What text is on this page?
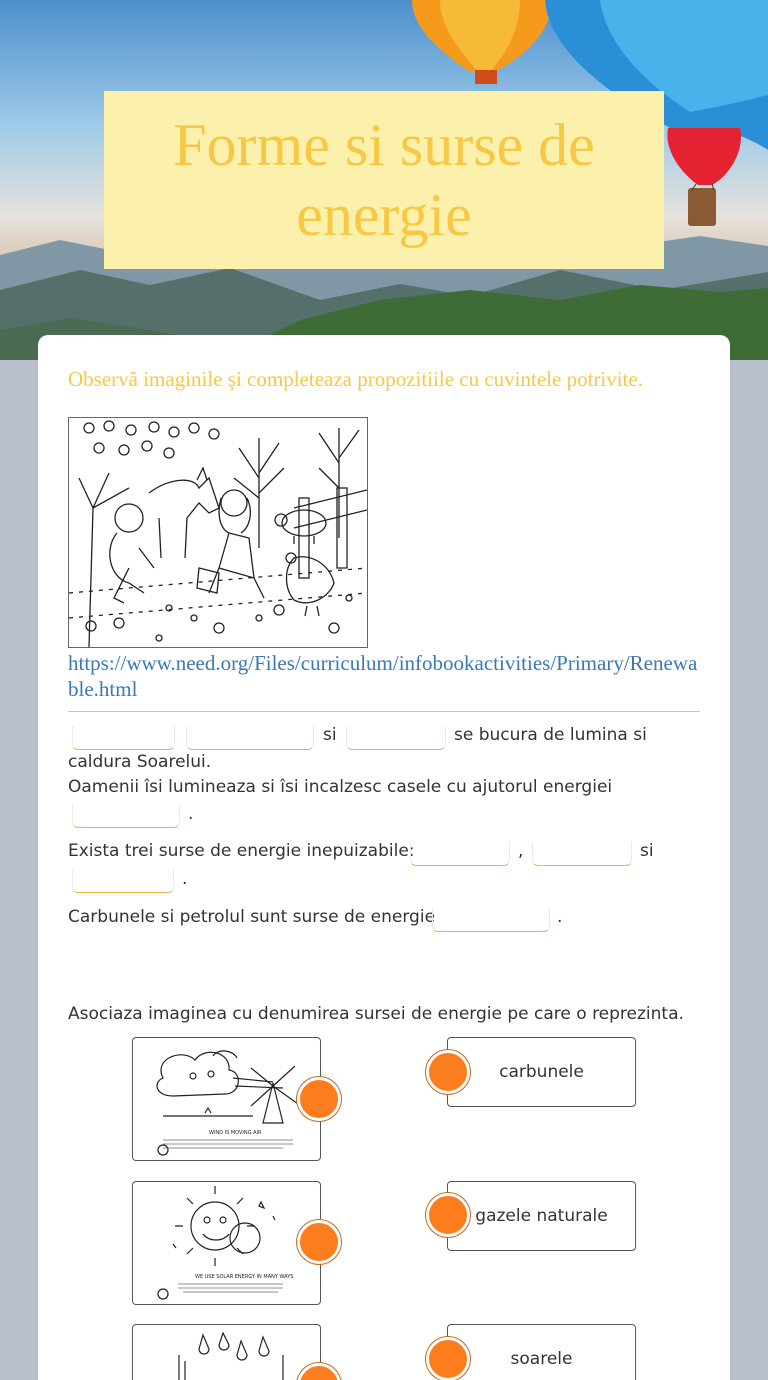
Forme si surse de energie
Observă imaginile şi completeaza propozitiile cu cuvintele potrivite.
https://www.need.org/Files/curriculum/infobookactivities/Primary/Renewable.html
si	se bucura de lumina si
caldura Soarelui.
Oamenii îsi lumineaza si îsi incalzesc casele cu ajutorul energiei
.
Exista trei surse de energie inepuizabile:	,	si
.
Carbunele si petrolul sunt surse de energie	.
Asociaza imaginea cu denumirea sursei de energie pe care o reprezinta.
WIND IS MOVING AIR
WE USE SOLAR ENERGY IN MANY WAYS
carbunele
gazele naturale
soarele
